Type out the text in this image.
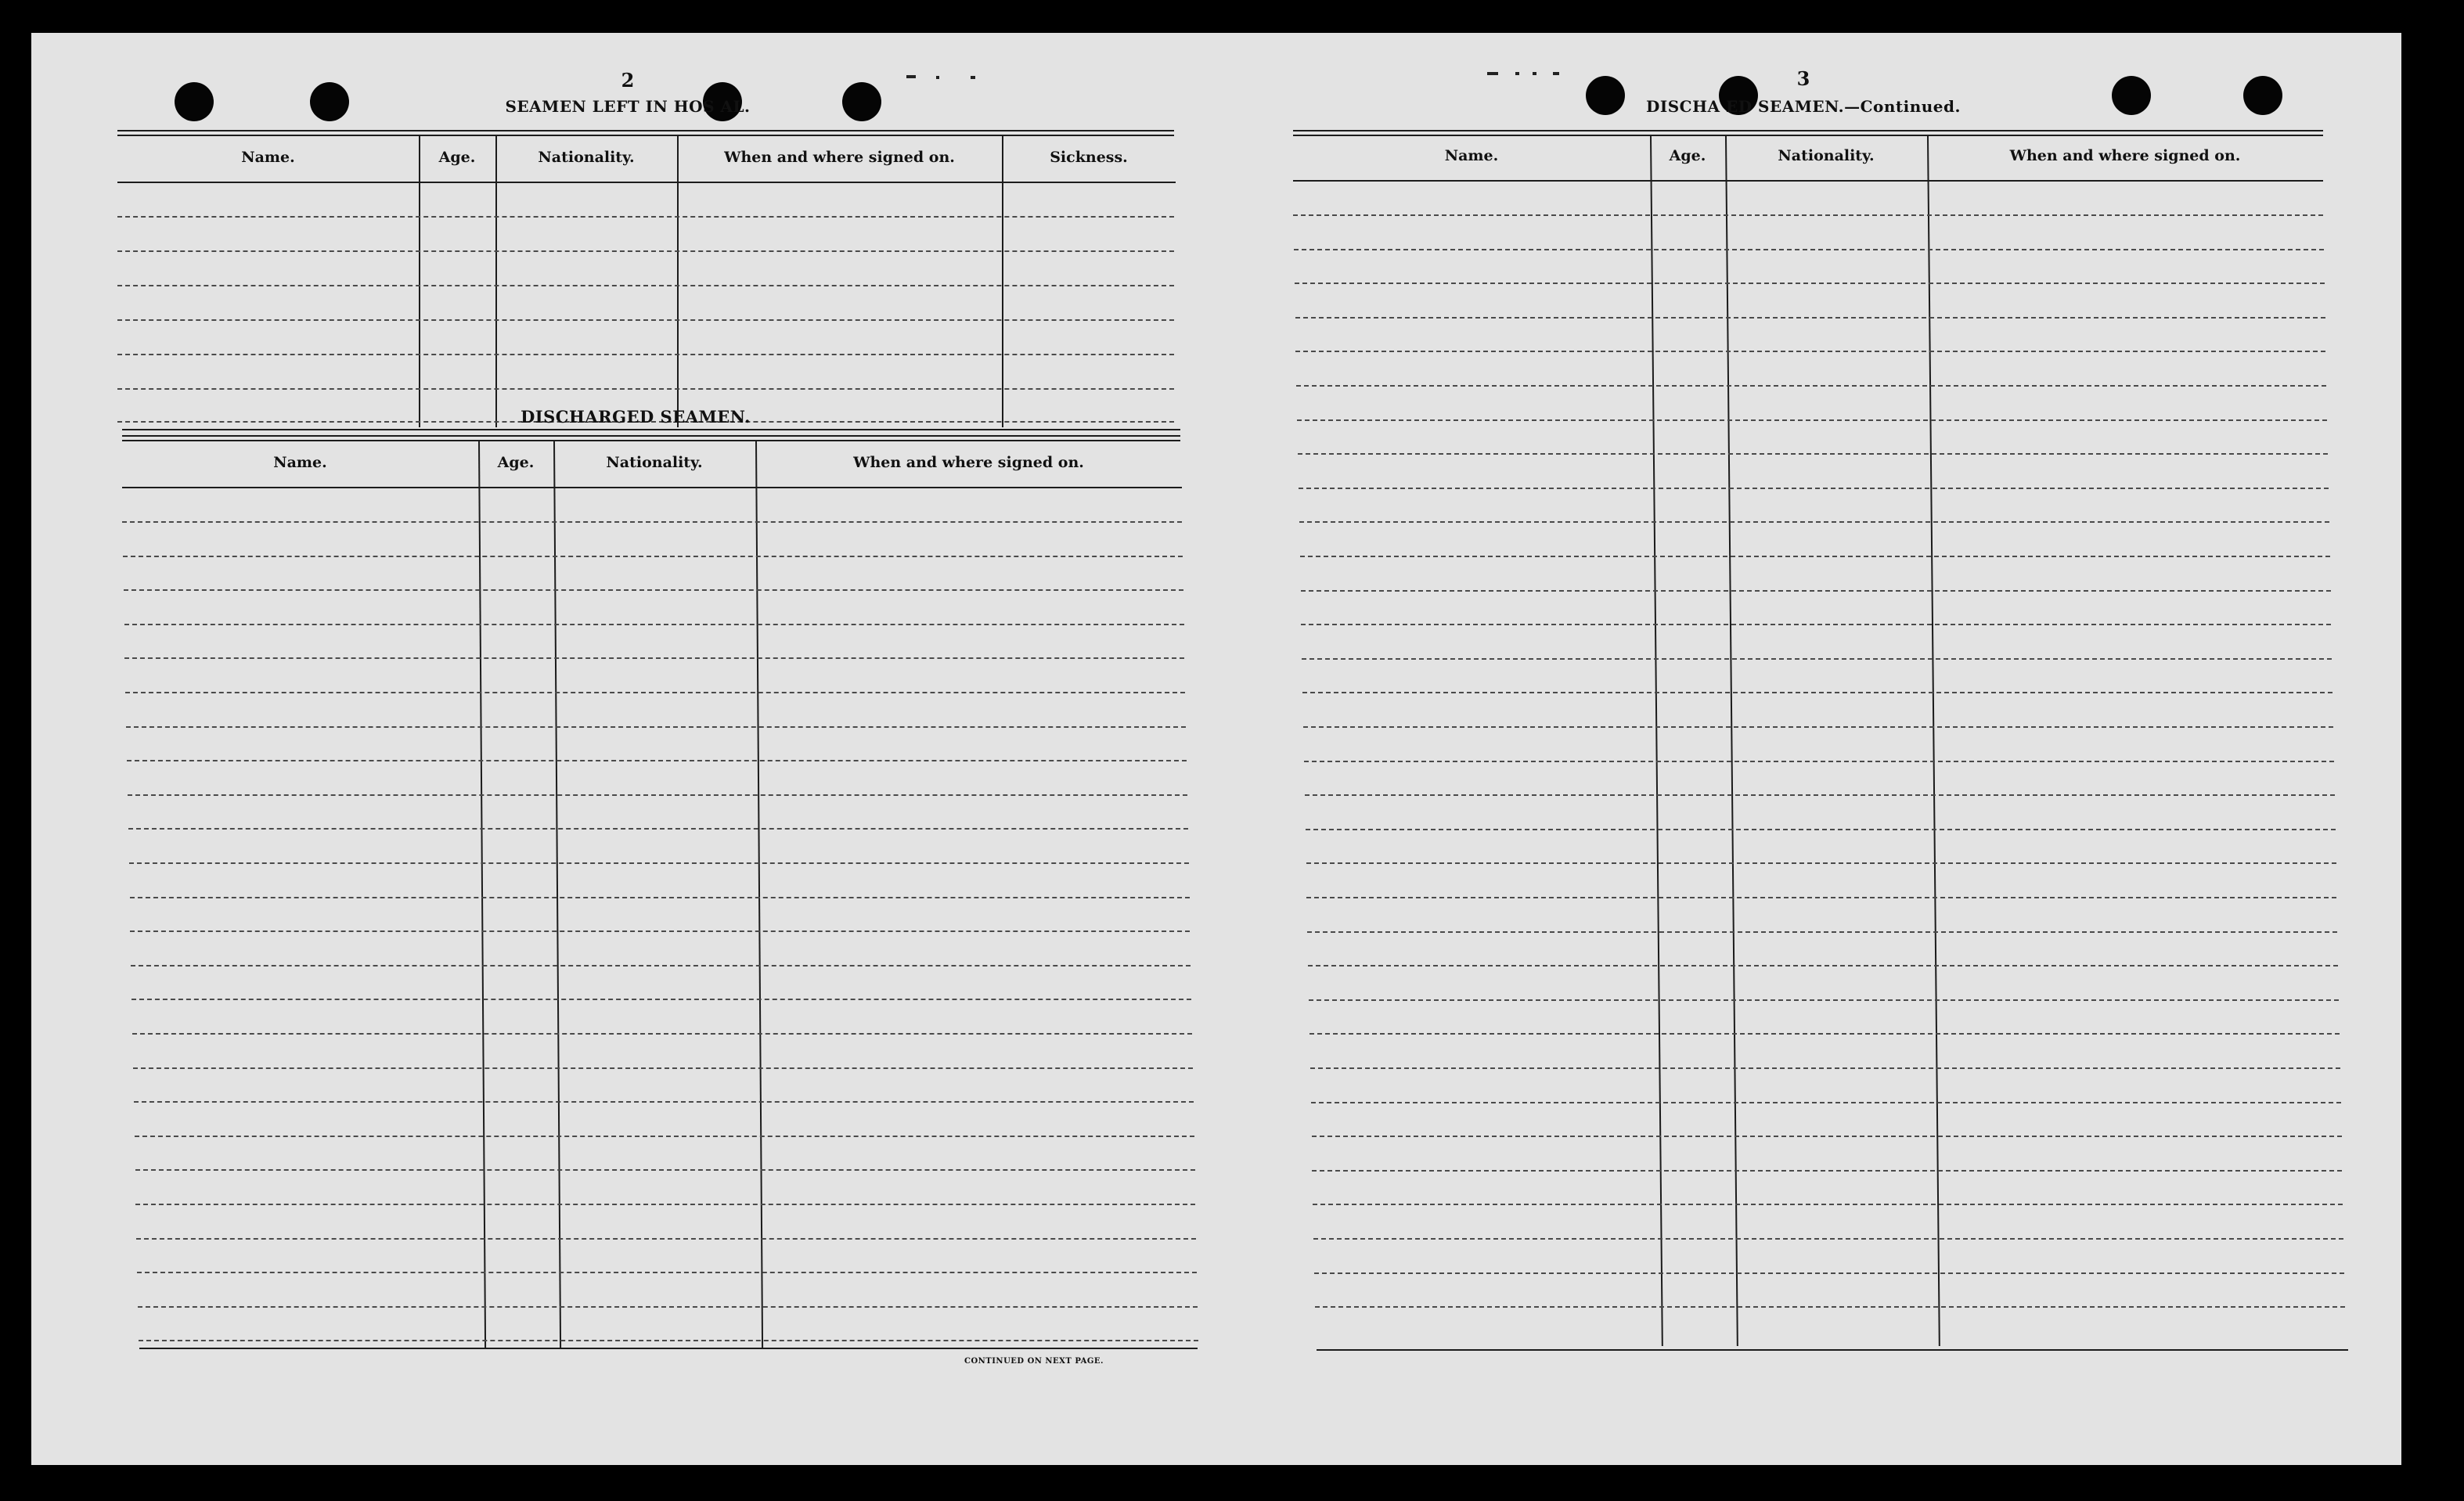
2
SEAMEN LEFT IN HOS AL.
Name.	Age.	Nationality.	When and where signed on.	Sickness.
DISCHARGED SEAMEN.
Name.	Age.	Nationality.	When and where signed on.
CONTINUED ON NEXT PAGE.
3
DISCHA ED SEAMEN.—Continued.
Name.	Age.	Nationality.	When and where signed on.
